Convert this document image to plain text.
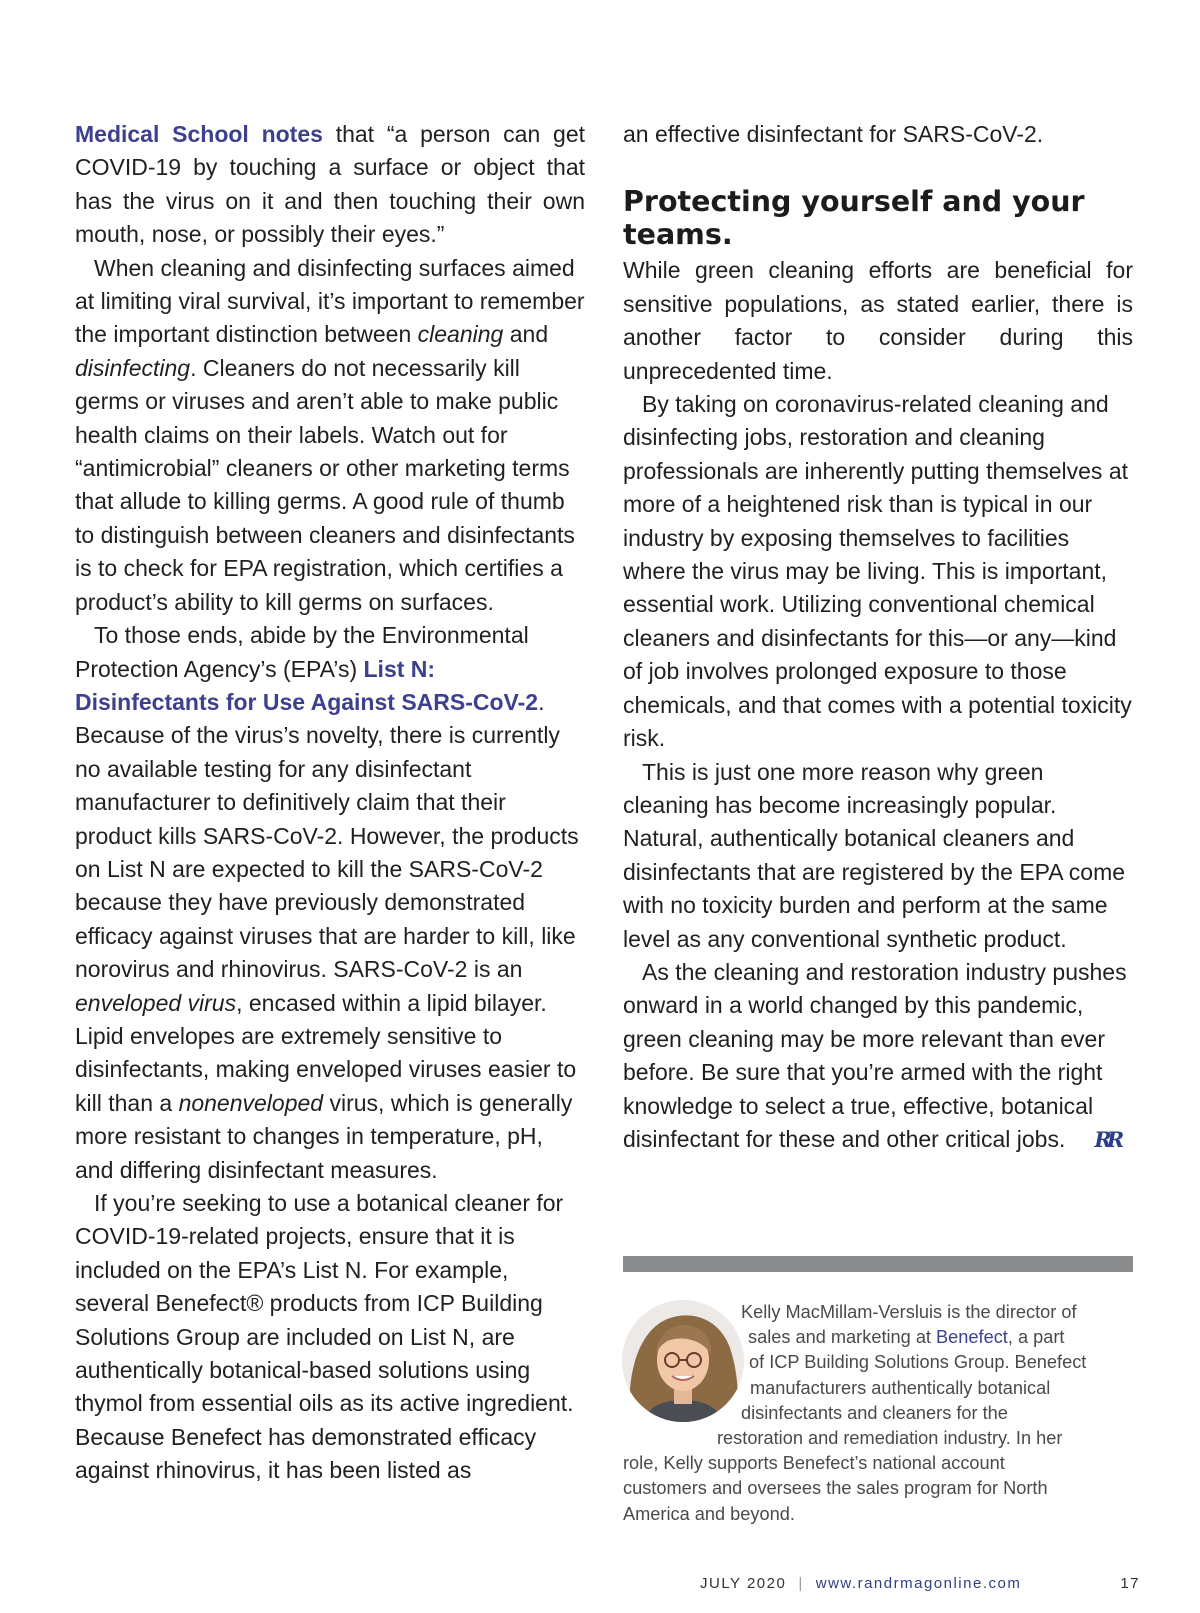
Medical School notes that “a person can get COVID-19 by touching a surface or object that has the virus on it and then touching their own mouth, nose, or possibly their eyes.”

When cleaning and disinfecting surfaces aimed at limiting viral survival, it’s important to remember the important distinction between cleaning and disinfecting. Cleaners do not necessarily kill germs or viruses and aren’t able to make public health claims on their labels. Watch out for “antimicrobial” cleaners or other marketing terms that allude to killing germs. A good rule of thumb to distinguish between cleaners and disinfectants is to check for EPA registration, which certifies a product’s ability to kill germs on surfaces.

To those ends, abide by the Environmental Protection Agency’s (EPA’s) List N: Disinfectants for Use Against SARS-CoV-2. Because of the virus’s novelty, there is currently no available testing for any disinfectant manufacturer to definitively claim that their product kills SARS-CoV-2. However, the products on List N are expected to kill the SARS-CoV-2 because they have previously demonstrated efficacy against viruses that are harder to kill, like norovirus and rhinovirus. SARS-CoV-2 is an enveloped virus, encased within a lipid bilayer. Lipid envelopes are extremely sensitive to disinfectants, making enveloped viruses easier to kill than a nonenveloped virus, which is generally more resistant to changes in temperature, pH, and differing disinfectant measures.

If you’re seeking to use a botanical cleaner for COVID-19-related projects, ensure that it is included on the EPA’s List N. For example, several Benefect® products from ICP Building Solutions Group are included on List N, are authentically botanical-based solutions using thymol from essential oils as its active ingredient. Because Benefect has demonstrated efficacy against rhinovirus, it has been listed as

an effective disinfectant for SARS-CoV-2.

Protecting yourself and your teams.

While green cleaning efforts are beneficial for sensitive populations, as stated earlier, there is another factor to consider during this unprecedented time.

By taking on coronavirus-related cleaning and disinfecting jobs, restoration and cleaning professionals are inherently putting themselves at more of a heightened risk than is typical in our industry by exposing themselves to facilities where the virus may be living. This is important, essential work. Utilizing conventional chemical cleaners and disinfectants for this—or any—kind of job involves prolonged exposure to those chemicals, and that comes with a potential toxicity risk.

This is just one more reason why green cleaning has become increasingly popular. Natural, authentically botanical cleaners and disinfectants that are registered by the EPA come with no toxicity burden and perform at the same level as any conventional synthetic product.

As the cleaning and restoration industry pushes onward in a world changed by this pandemic, green cleaning may be more relevant than ever before. Be sure that you’re armed with the right knowledge to select a true, effective, botanical disinfectant for these and other critical jobs. RR

Kelly MacMillam-Versluis is the director of
sales and marketing at Benefect, a part
of ICP Building Solutions Group. Benefect
manufacturers authentically botanical
disinfectants and cleaners for the
restoration and remediation industry. In her
role, Kelly supports Benefect’s national account
customers and oversees the sales program for North
America and beyond.
JULY 2020 | www.randrmagonline.com	17
